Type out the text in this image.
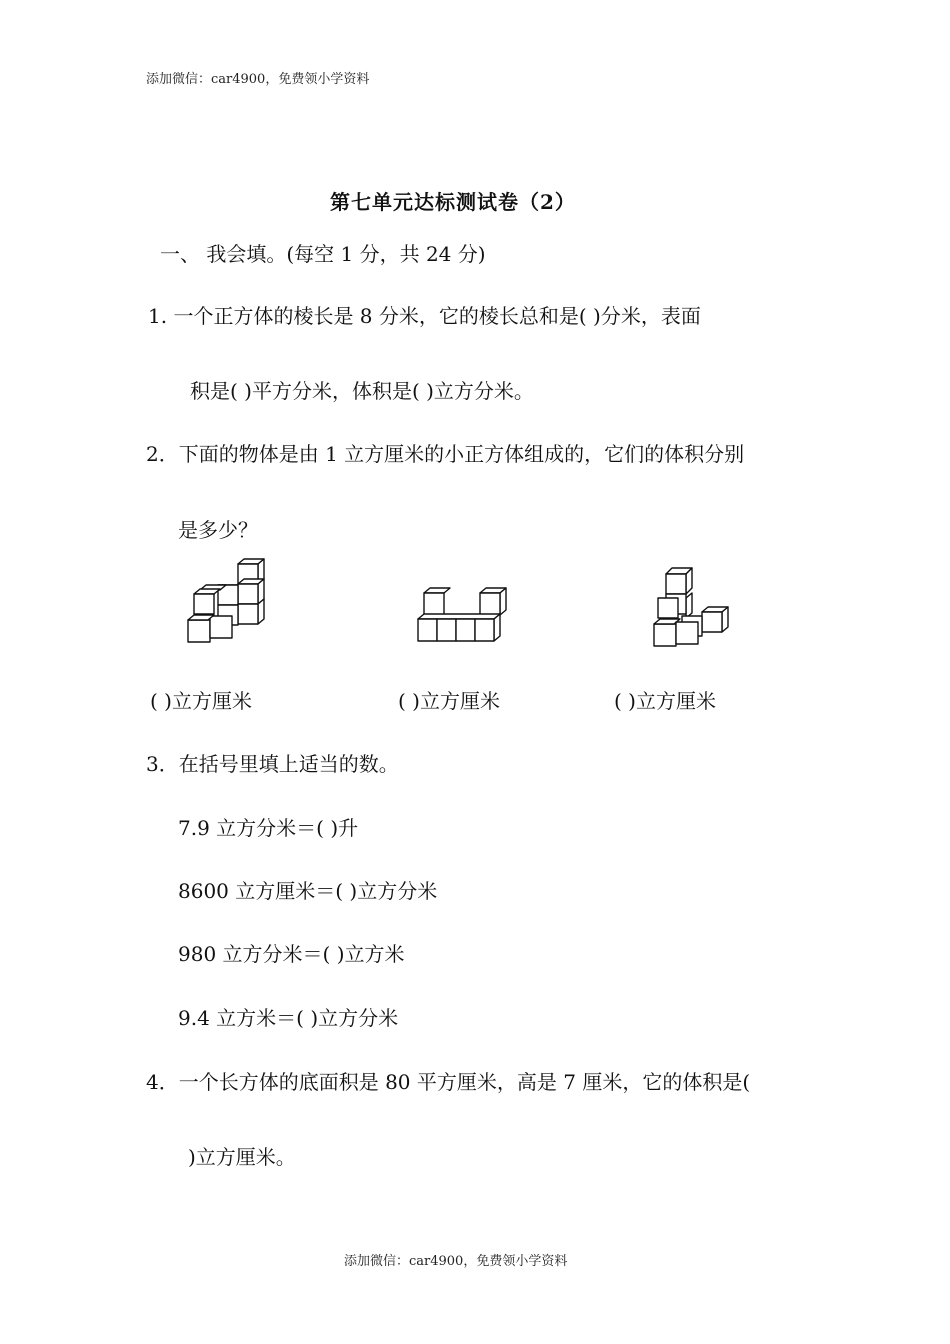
添加微信：car4900，免费领小学资料
第七单元达标测试卷（2）
一、 我会填。(每空 1 分，共 24 分)
1. 一个正方体的棱长是 8 分米，它的棱长总和是( )分米，表面
积是( )平方分米，体积是( )立方分米。
2．下面的物体是由 1 立方厘米的小正方体组成的，它们的体积分别
是多少？
( )立方厘米	( )立方厘米	( )立方厘米
3．在括号里填上适当的数。
7.9 立方分米＝( )升
8600 立方厘米＝( )立方分米
980 立方分米＝( )立方米
9.4 立方米＝( )立方分米
4．一个长方体的底面积是 80 平方厘米，高是 7 厘米，它的体积是(
)立方厘米。
添加微信：car4900，免费领小学资料
